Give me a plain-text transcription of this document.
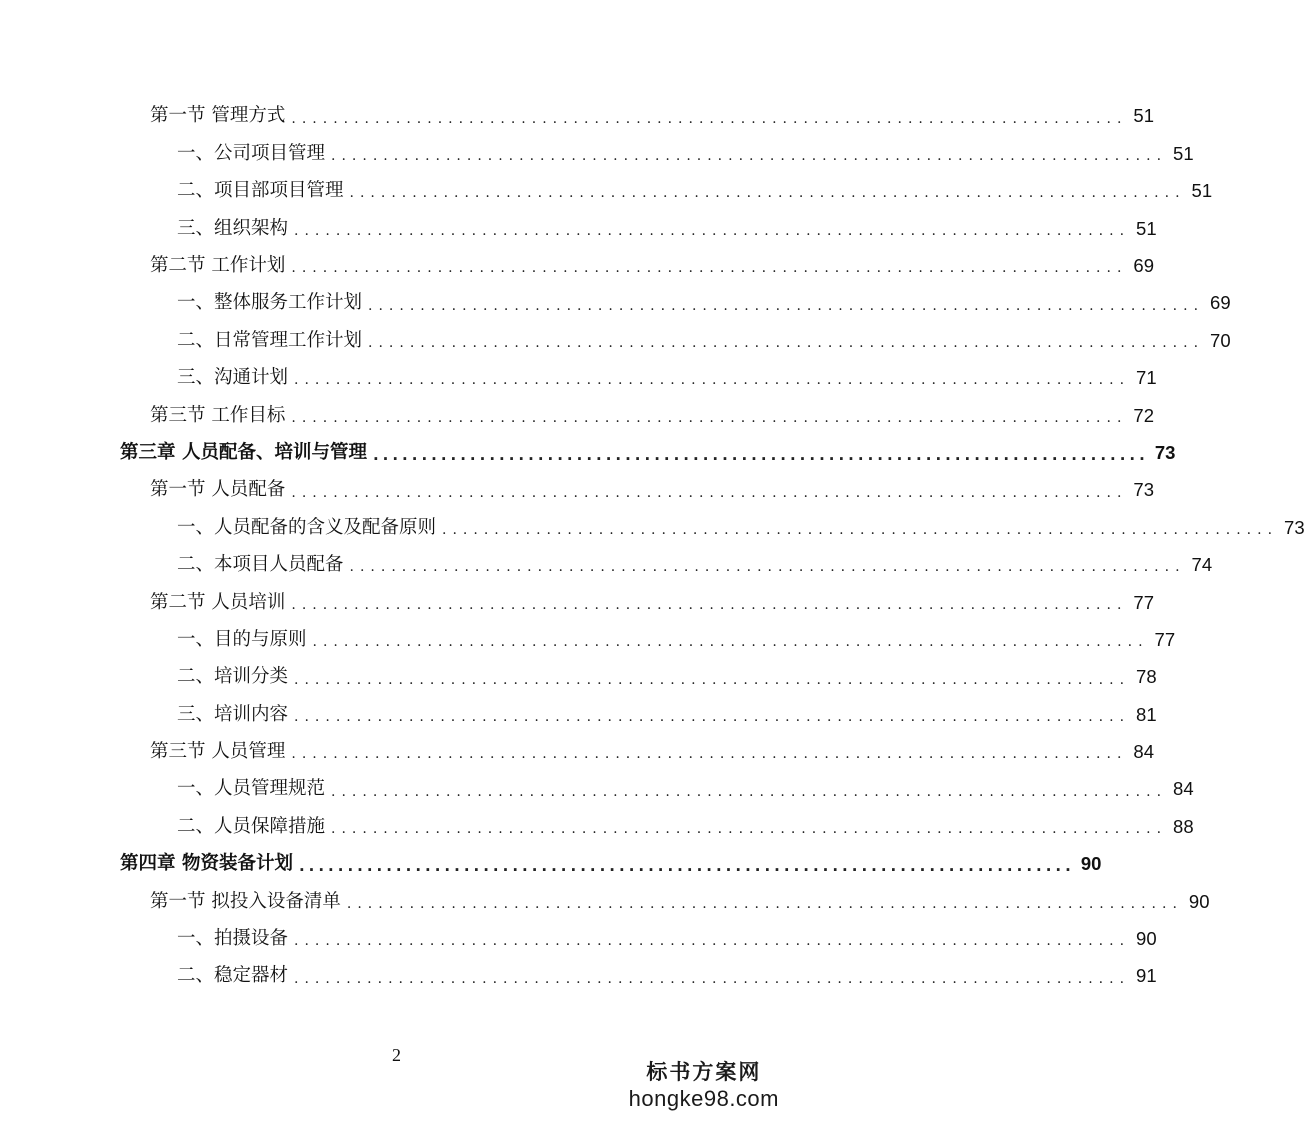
第一节 管理方式 ................................................................................ 51
一、公司项目管理 ................................................................................ 51
二、项目部项目管理 ................................................................................ 51
三、组织架构 ................................................................................ 51
第二节 工作计划 ................................................................................ 69
一、整体服务工作计划 ................................................................................ 69
二、日常管理工作计划 ................................................................................ 70
三、沟通计划 ................................................................................ 71
第三节 工作目标 ................................................................................ 72
第三章 人员配备、培训与管理 ................................................................................ 73
第一节 人员配备 ................................................................................ 73
一、人员配备的含义及配备原则 ................................................................................ 73
二、本项目人员配备 ................................................................................ 74
第二节 人员培训 ................................................................................ 77
一、目的与原则 ................................................................................ 77
二、培训分类 ................................................................................ 78
三、培训内容 ................................................................................ 81
第三节 人员管理 ................................................................................ 84
一、人员管理规范 ................................................................................ 84
二、人员保障措施 ................................................................................ 88
第四章 物资装备计划 ................................................................................ 90
第一节 拟投入设备清单 ................................................................................ 90
一、拍摄设备 ................................................................................ 90
二、稳定器材 ................................................................................ 91
2
标书方案网
hongke98.com
